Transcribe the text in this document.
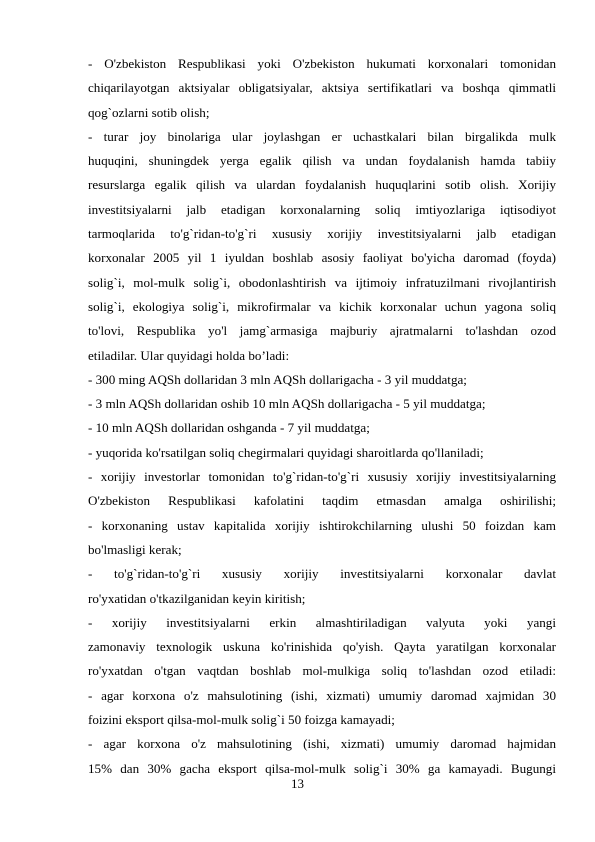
- O'zbekiston Respublikasi yoki O'zbekiston hukumati korxonalari tomonidan

chiqarilayotgan aktsiyalar obligatsiyalar, aktsiya sertifikatlari va boshqa qimmatli

qog`ozlarni sotib olish;

- turar joy binolariga ular joylashgan er uchastkalari bilan birgalikda mulk

huquqini, shuningdek yerga egalik qilish va undan foydalanish hamda tabiiy

resurslarga egalik qilish va ulardan foydalanish huquqlarini sotib olish. Xorijiy

investitsiyalarni jalb etadigan korxonalarning soliq imtiyozlariga iqtisodiyot

tarmoqlarida to'g`ridan-to'g`ri xususiy xorijiy investitsiyalarni jalb etadigan

korxonalar 2005 yil 1 iyuldan boshlab asosiy faoliyat bo'yicha daromad (foyda)

solig`i, mol-mulk solig`i, obodonlashtirish va ijtimoiy infratuzilmani rivojlantirish

solig`i, ekologiya solig`i, mikrofirmalar va kichik korxonalar uchun yagona soliq

to'lovi, Respublika yo'l jamg`armasiga majburiy ajratmalarni to'lashdan ozod

etiladilar. Ular quyidagi holda bo’ladi:

- 300 ming AQSh dollaridan 3 mln AQSh dollarigacha - 3 yil muddatga;

- 3 mln AQSh dollaridan oshib 10 mln AQSh dollarigacha - 5 yil muddatga;

- 10 mln AQSh dollaridan oshganda - 7 yil muddatga;

- yuqorida ko'rsatilgan soliq chegirmalari quyidagi sharoitlarda qo'llaniladi;

- xorijiy investorlar tomonidan to'g`ridan-to'g`ri xususiy xorijiy investitsiyalarning

O'zbekiston Respublikasi kafolatini taqdim etmasdan amalga oshirilishi;

- korxonaning ustav kapitalida xorijiy ishtirokchilarning ulushi 50 foizdan kam

bo'lmasligi kerak;

- to'g`ridan-to'g`ri xususiy xorijiy investitsiyalarni korxonalar davlat

ro'yxatidan o'tkazilganidan keyin kiritish;

- xorijiy investitsiyalarni erkin almashtiriladigan valyuta yoki yangi

zamonaviy texnologik uskuna ko'rinishida qo'yish. Qayta yaratilgan korxonalar

ro'yxatdan o'tgan vaqtdan boshlab mol-mulkiga soliq to'lashdan ozod etiladi:

- agar korxona o'z mahsulotining (ishi, xizmati) umumiy daromad xajmidan 30

foizini eksport qilsa-mol-mulk solig`i 50 foizga kamayadi;

- agar korxona o'z mahsulotining (ishi, xizmati) umumiy daromad hajmidan

15% dan 30% gacha eksport qilsa-mol-mulk solig`i 30% ga kamayadi. Bugungi

13
